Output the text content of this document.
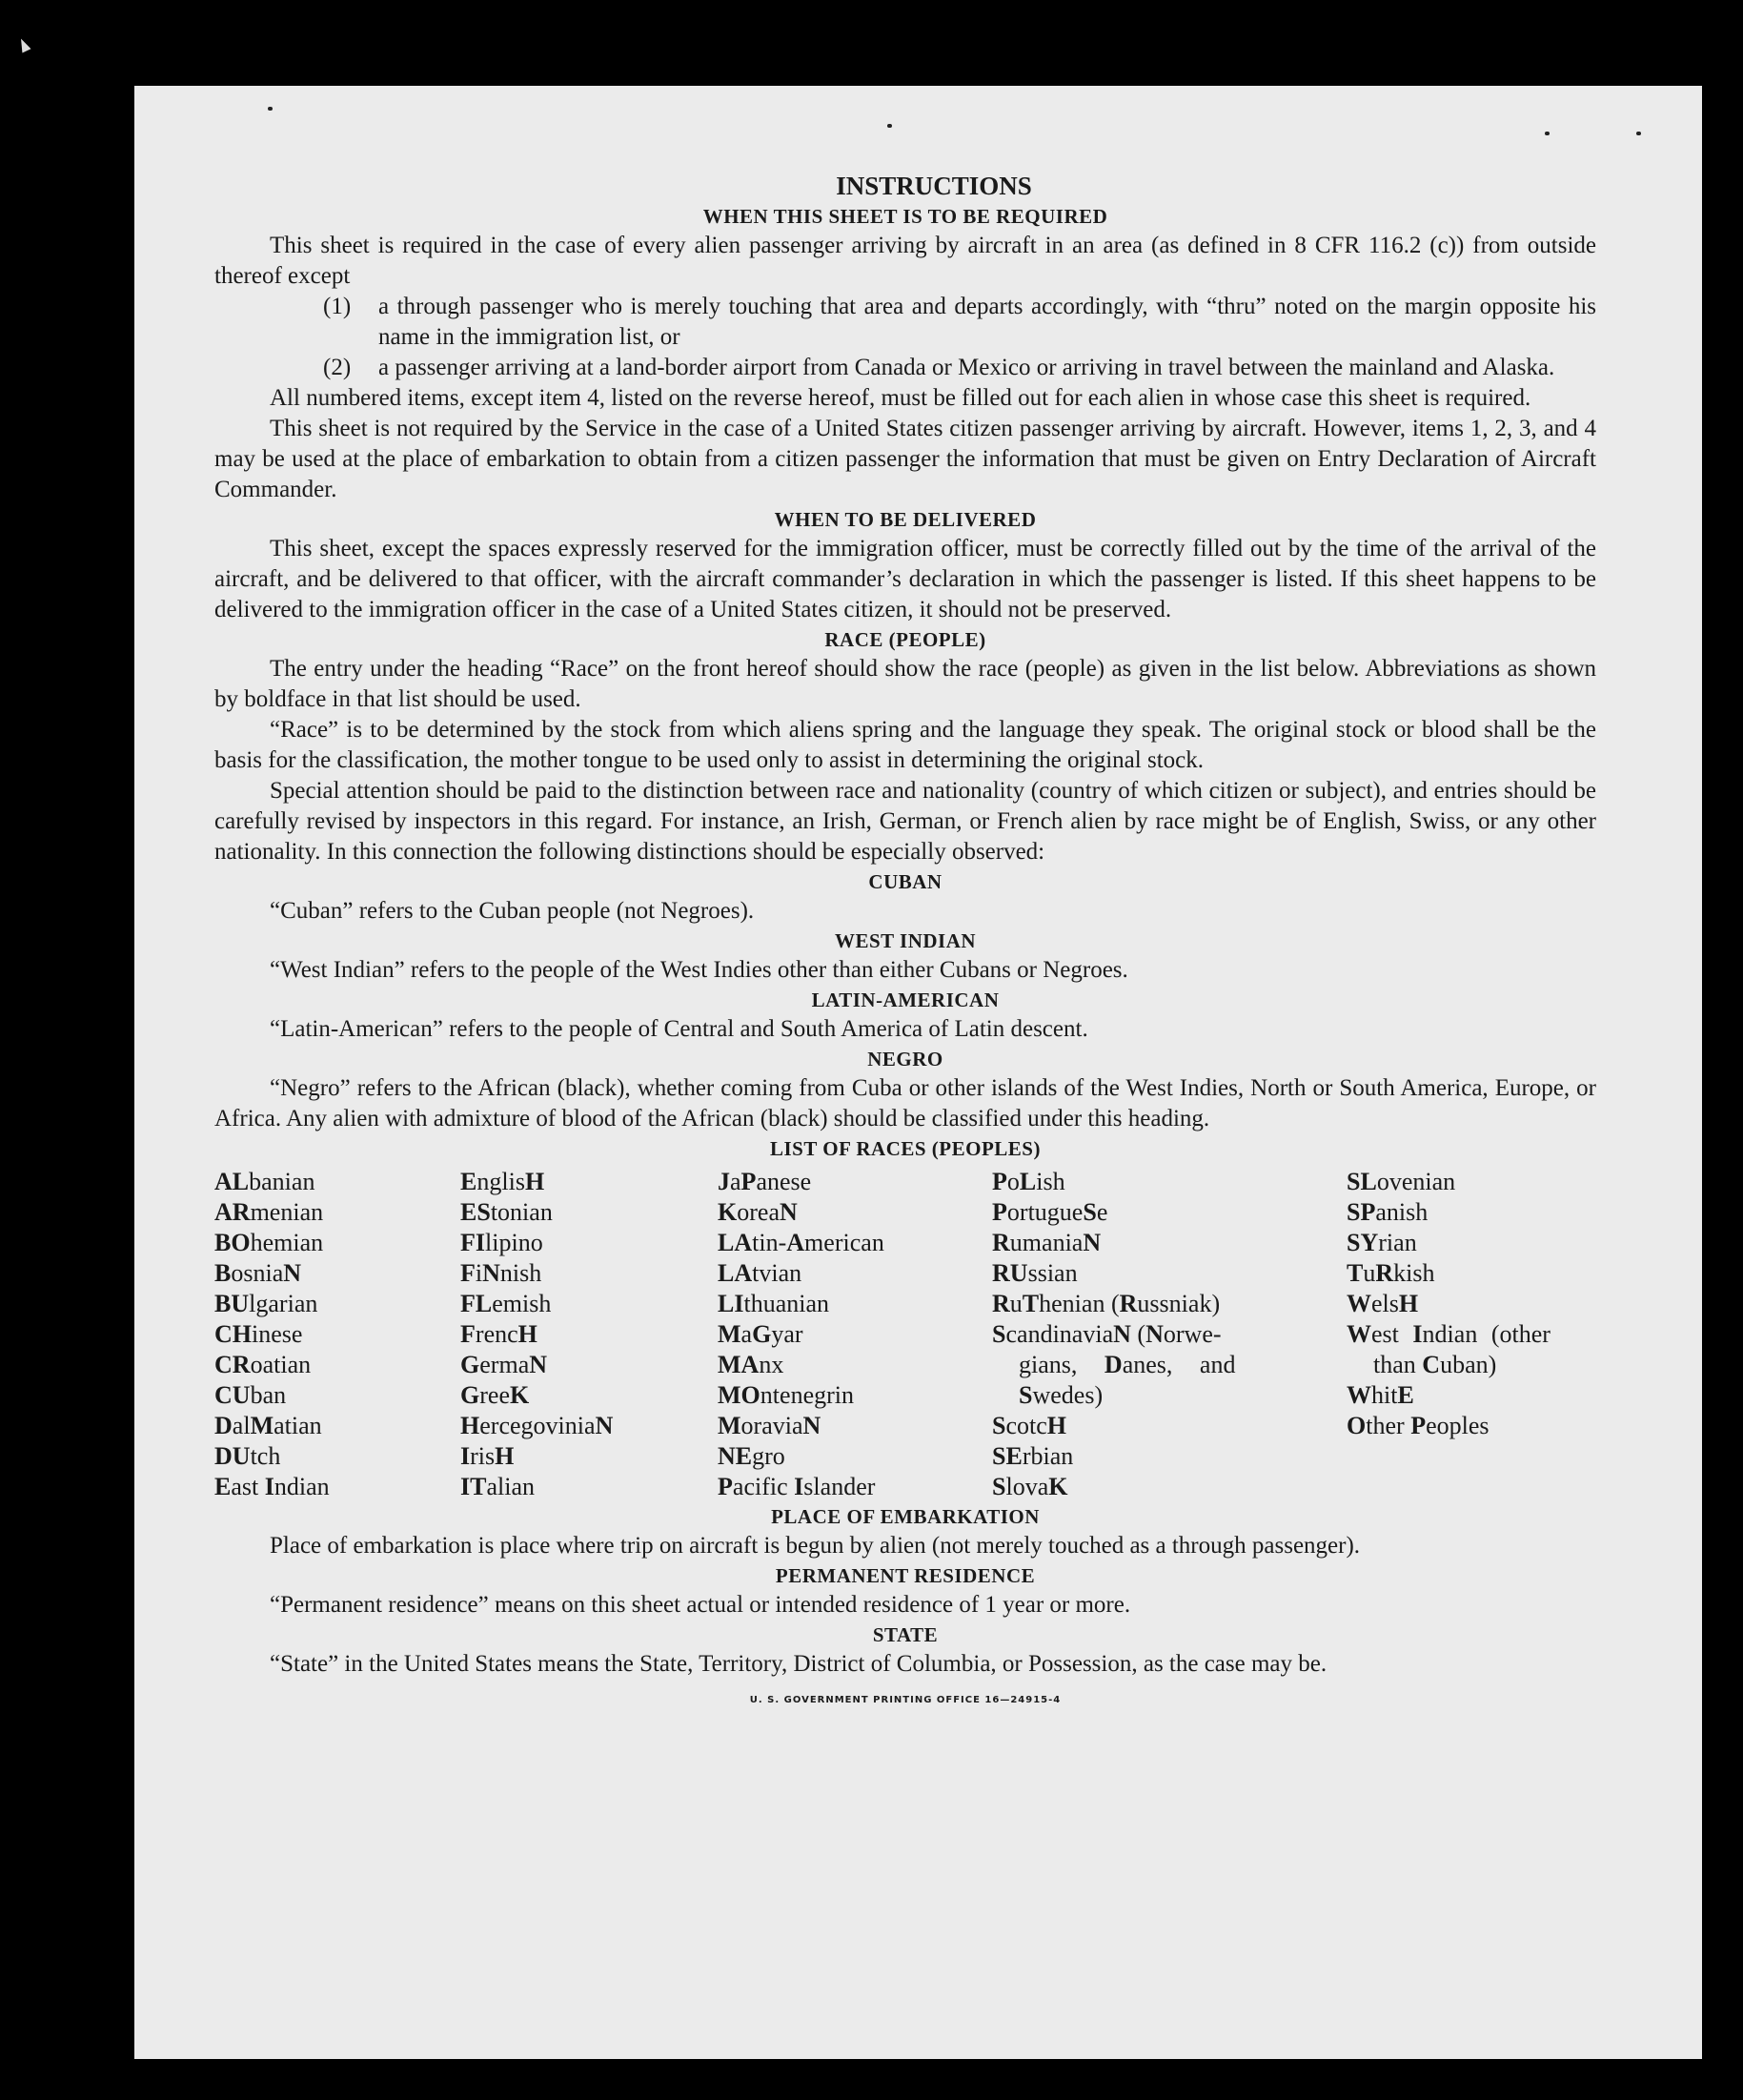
INSTRUCTIONS
WHEN THIS SHEET IS TO BE REQUIRED

This sheet is required in the case of every alien passenger arriving by aircraft in an area (as defined in 8 CFR 116.2 (c)) from outside thereof except

(1)	a through passenger who is merely touching that area and departs accordingly, with “thru” noted on the margin opposite his name in the immigration list, or
(2)	a passenger arriving at a land-border airport from Canada or Mexico or arriving in travel between the mainland and Alaska.

All numbered items, except item 4, listed on the reverse hereof, must be filled out for each alien in whose case this sheet is required.

This sheet is not required by the Service in the case of a United States citizen passenger arriving by aircraft. However, items 1, 2, 3, and 4 may be used at the place of embarkation to obtain from a citizen passenger the information that must be given on Entry Declaration of Aircraft Commander.

WHEN TO BE DELIVERED

This sheet, except the spaces expressly reserved for the immigration officer, must be correctly filled out by the time of the arrival of the aircraft, and be delivered to that officer, with the aircraft commander’s declaration in which the passenger is listed. If this sheet happens to be delivered to the immigration officer in the case of a United States citizen, it should not be preserved.

RACE (PEOPLE)

The entry under the heading “Race” on the front hereof should show the race (people) as given in the list below. Abbreviations as shown by boldface in that list should be used.

“Race” is to be determined by the stock from which aliens spring and the language they speak. The original stock or blood shall be the basis for the classification, the mother tongue to be used only to assist in determining the original stock.

Special attention should be paid to the distinction between race and nationality (country of which citizen or subject), and entries should be carefully revised by inspectors in this regard. For instance, an Irish, German, or French alien by race might be of English, Swiss, or any other nationality. In this connection the following distinctions should be especially observed:

CUBAN
“Cuban” refers to the Cuban people (not Negroes).
WEST INDIAN
“West Indian” refers to the people of the West Indies other than either Cubans or Negroes.
LATIN-AMERICAN
“Latin-American” refers to the people of Central and South America of Latin descent.
NEGRO

“Negro” refers to the African (black), whether coming from Cuba or other islands of the West Indies, North or South America, Europe, or Africa. Any alien with admixture of blood of the African (black) should be classified under this heading.

LIST OF RACES (PEOPLES)
ALbanian
ARmenian
BOhemian
BosniaN
BUlgarian
CHinese
CRoatian
CUban
DalMatian
DUtch
East Indian
EnglisH
EStonian
FIlipino
FiNnish
FLemish
FrencH
GermaN
GreeK
HercegoviniaN
IrisH
ITalian
JaPanese
KoreaN
LAtin-American
LAtvian
LIthuanian
MaGyar
MAnx
MOntenegrin
MoraviaN
NEgro
Pacific Islander
PoLish
PortugueSe
RumaniaN
RUssian
RuThenian (Russniak)
ScandinaviaN (Norwe-
gians, Danes, and
Swedes)
ScotcH
SErbian
SlovaK
SLovenian
SPanish
SYrian
TuRkish
WelsH
West Indian (other
than Cuban)
WhitE
Other Peoples
PLACE OF EMBARKATION

Place of embarkation is place where trip on aircraft is begun by alien (not merely touched as a through passenger).

PERMANENT RESIDENCE
“Permanent residence” means on this sheet actual or intended residence of 1 year or more.
STATE

“State” in the United States means the State, Territory, District of Columbia, or Possession, as the case may be.

U. S. GOVERNMENT PRINTING OFFICE 16—24915-4
